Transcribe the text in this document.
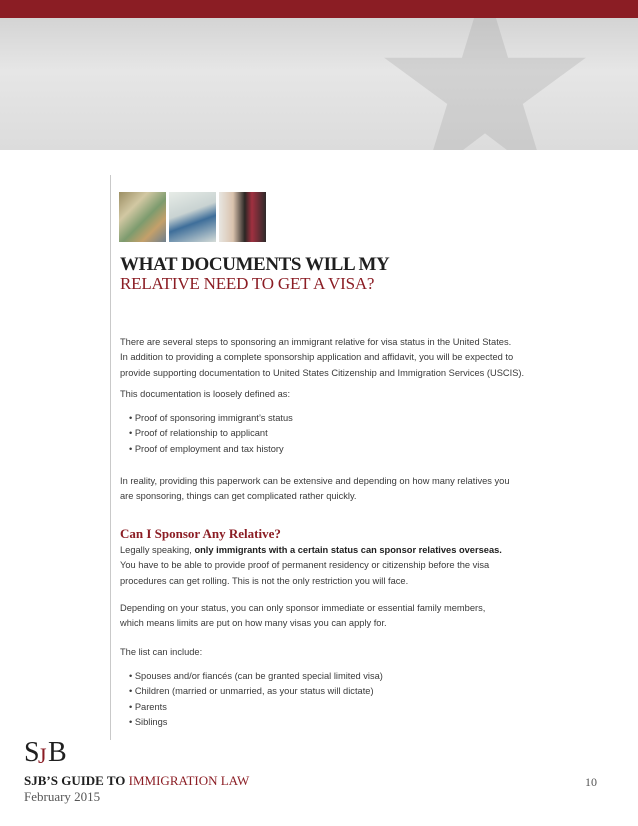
WHAT DOCUMENTS WILL MY
RELATIVE NEED TO GET A VISA?
There are several steps to sponsoring an immigrant relative for visa status in the United States.
In addition to providing a complete sponsorship application and affidavit, you will be expected to
provide supporting documentation to United States Citizenship and Immigration Services (USCIS).
This documentation is loosely defined as:
• Proof of sponsoring immigrant’s status
• Proof of relationship to applicant
• Proof of employment and tax history
In reality, providing this paperwork can be extensive and depending on how many relatives you
are sponsoring, things can get complicated rather quickly.
Can I Sponsor Any Relative?
Legally speaking, only immigrants with a certain status can sponsor relatives overseas.
You have to be able to provide proof of permanent residency or citizenship before the visa
procedures can get rolling. This is not the only restriction you will face.
Depending on your status, you can only sponsor immediate or essential family members,
which means limits are put on how many visas you can apply for.
The list can include:
• Spouses and/or fiancés (can be granted special limited visa)
• Children (married or unmarried, as your status will dictate)
• Parents
• Siblings
S
J B
SJB’S GUIDE TO IMMIGRATION LAW
February 2015
10
